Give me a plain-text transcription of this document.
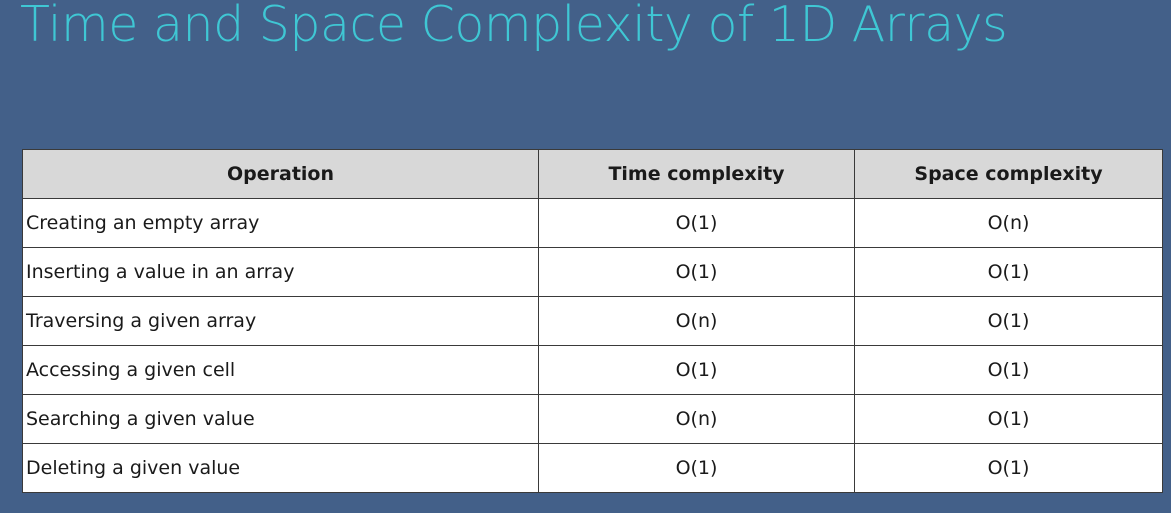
Time and Space Complexity of 1D Arrays
Operation	Time complexity	Space complexity
Creating an empty array	O(1)	O(n)
Inserting a value in an array	O(1)	O(1)
Traversing a given array	O(n)	O(1)
Accessing a given cell	O(1)	O(1)
Searching a given value	O(n)	O(1)
Deleting a given value	O(1)	O(1)
